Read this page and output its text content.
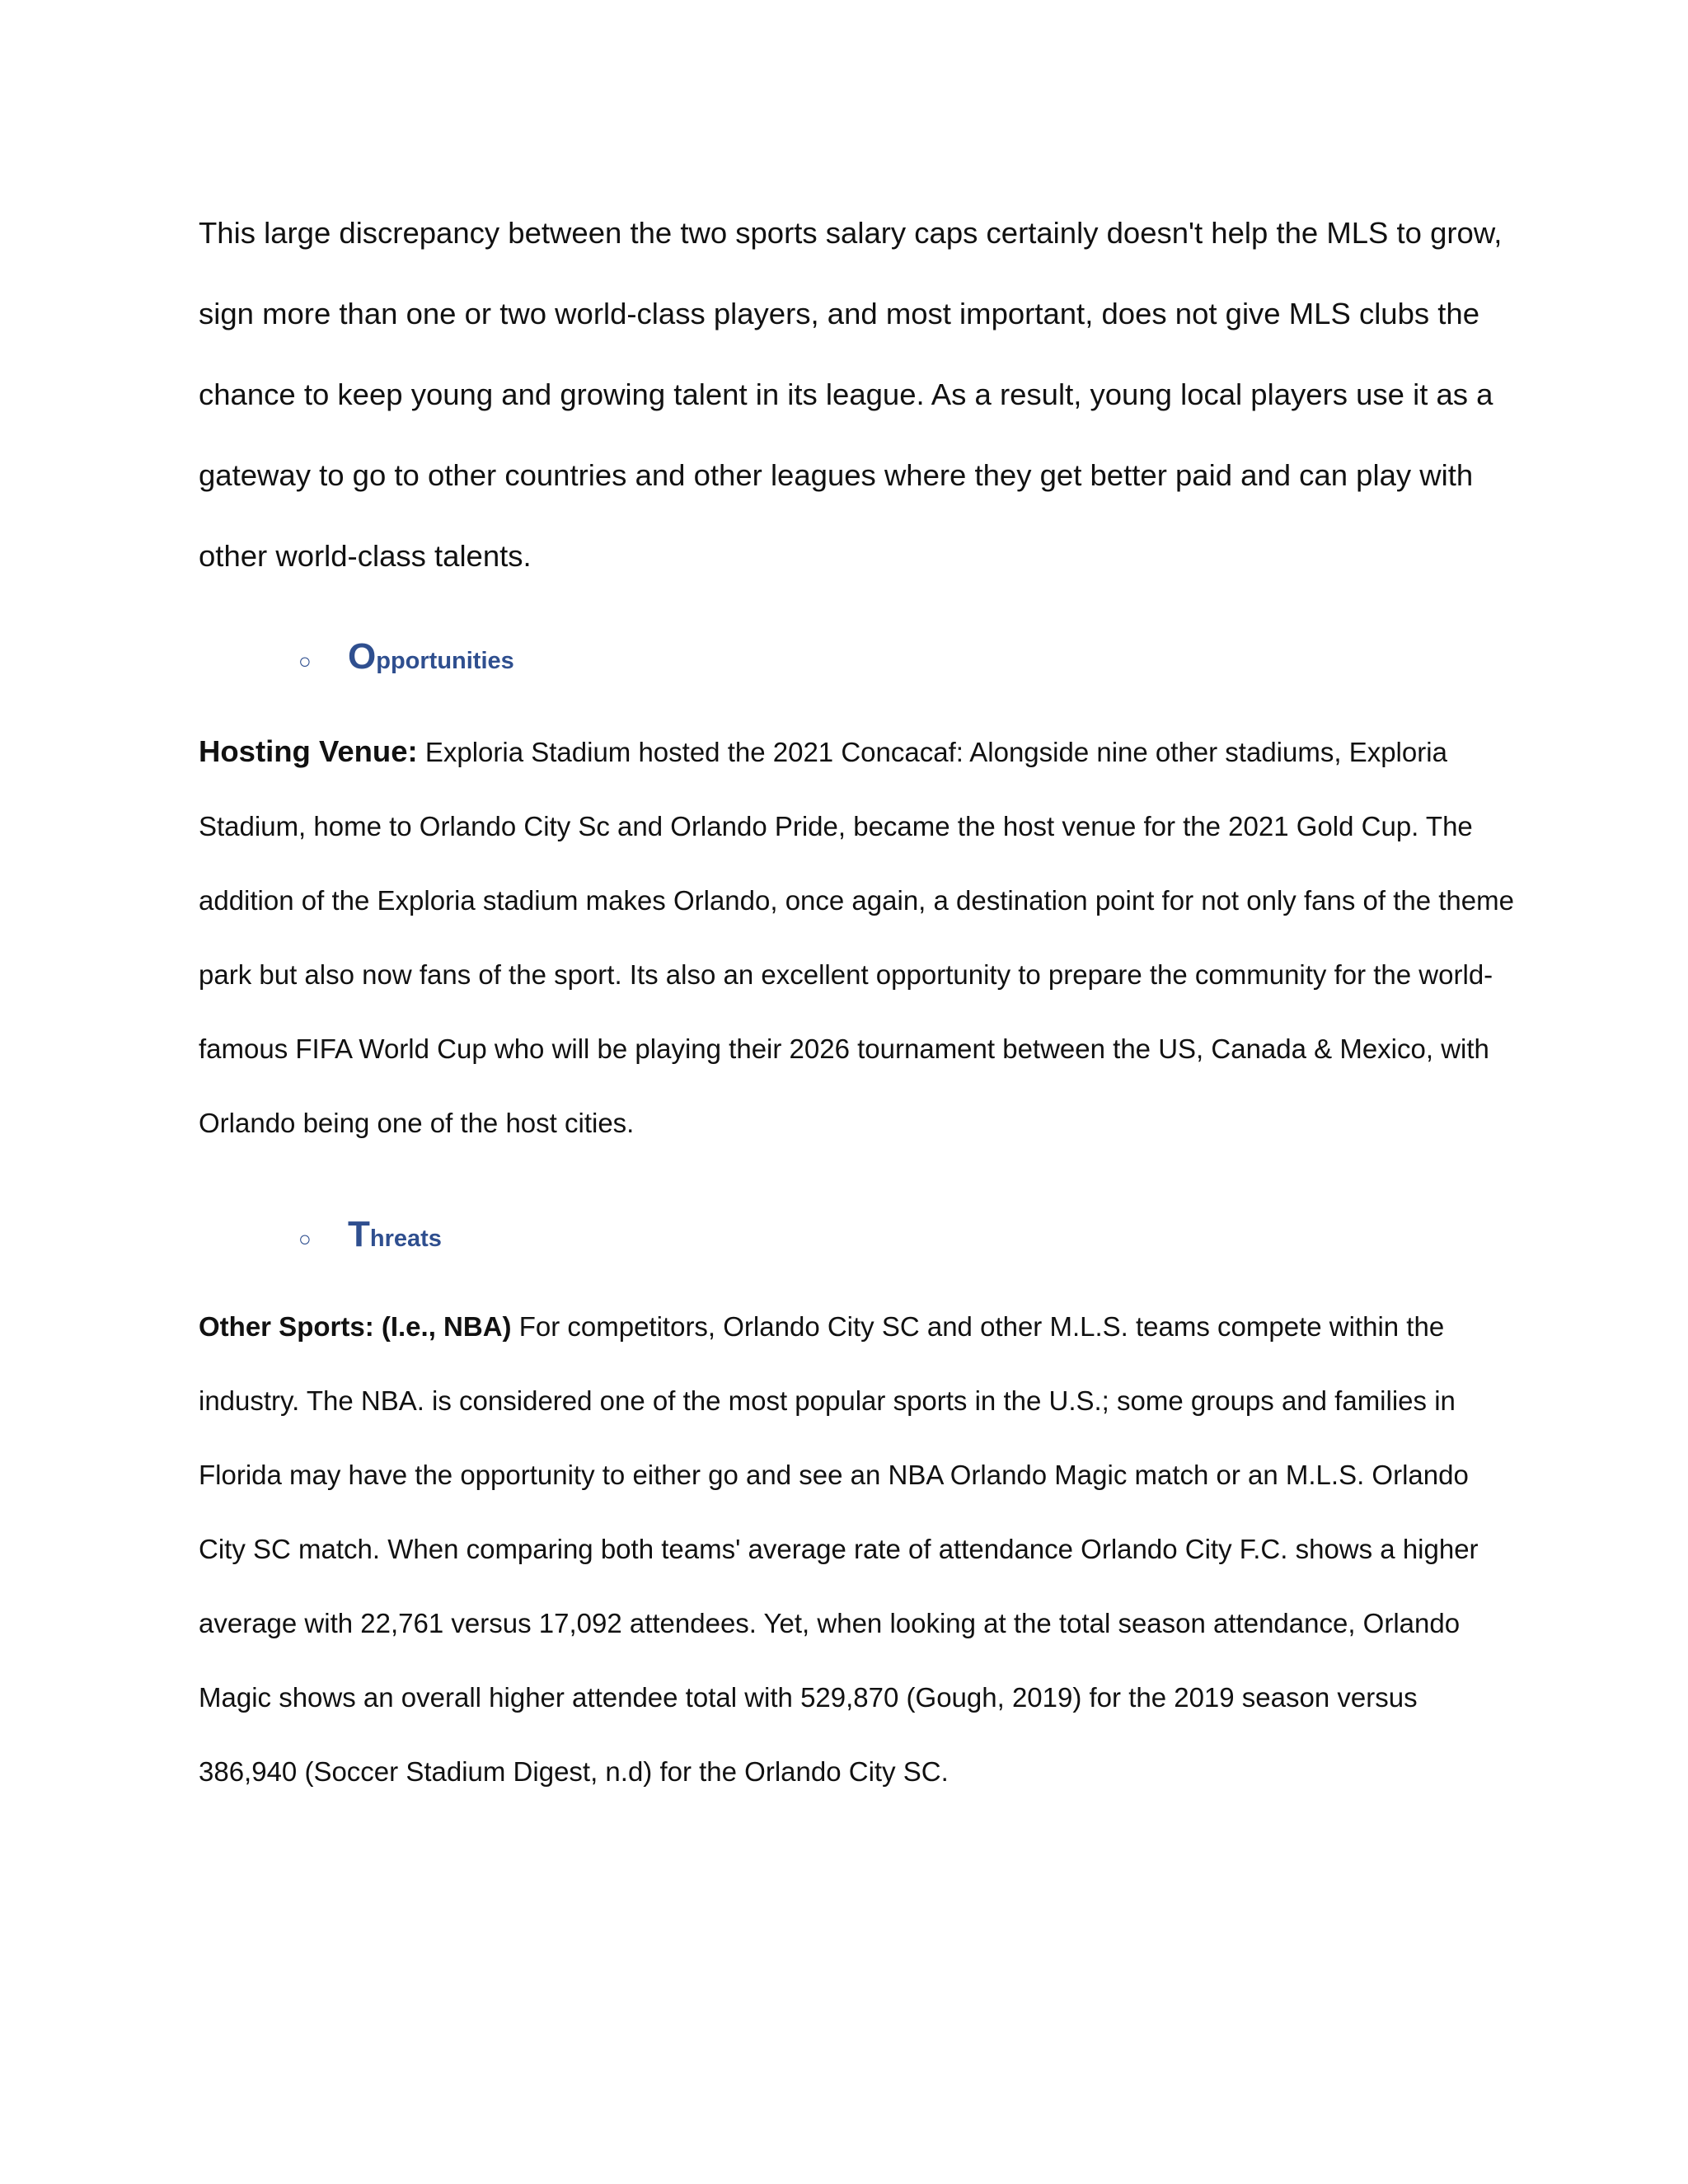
This large discrepancy between the two sports salary caps certainly doesn't help the MLS to grow, sign more than one or two world-class players, and most important, does not give MLS clubs the chance to keep young and growing talent in its league. As a result, young local players use it as a gateway to go to other countries and other leagues where they get better paid and can play with other world-class talents.

○	O pportunities

Hosting Venue: Exploria Stadium hosted the 2021 Concacaf: Alongside nine other stadiums, Exploria Stadium, home to Orlando City Sc and Orlando Pride, became the host venue for the 2021 Gold Cup. The addition of the Exploria stadium makes Orlando, once again, a destination point for not only fans of the theme park but also now fans of the sport. Its also an excellent opportunity to prepare the community for the world-famous FIFA World Cup who will be playing their 2026 tournament between the US, Canada & Mexico, with Orlando being one of the host cities.

○	T hreats

Other Sports: (I.e., NBA) For competitors, Orlando City SC and other M.L.S. teams compete within the industry. The NBA. is considered one of the most popular sports in the U.S.; some groups and families in Florida may have the opportunity to either go and see an NBA Orlando Magic match or an M.L.S. Orlando City SC match. When comparing both teams' average rate of attendance Orlando City F.C. shows a higher average with 22,761 versus 17,092 attendees. Yet, when looking at the total season attendance, Orlando Magic shows an overall higher attendee total with 529,870 (Gough, 2019) for the 2019 season versus 386,940 (Soccer Stadium Digest, n.d) for the Orlando City SC.
